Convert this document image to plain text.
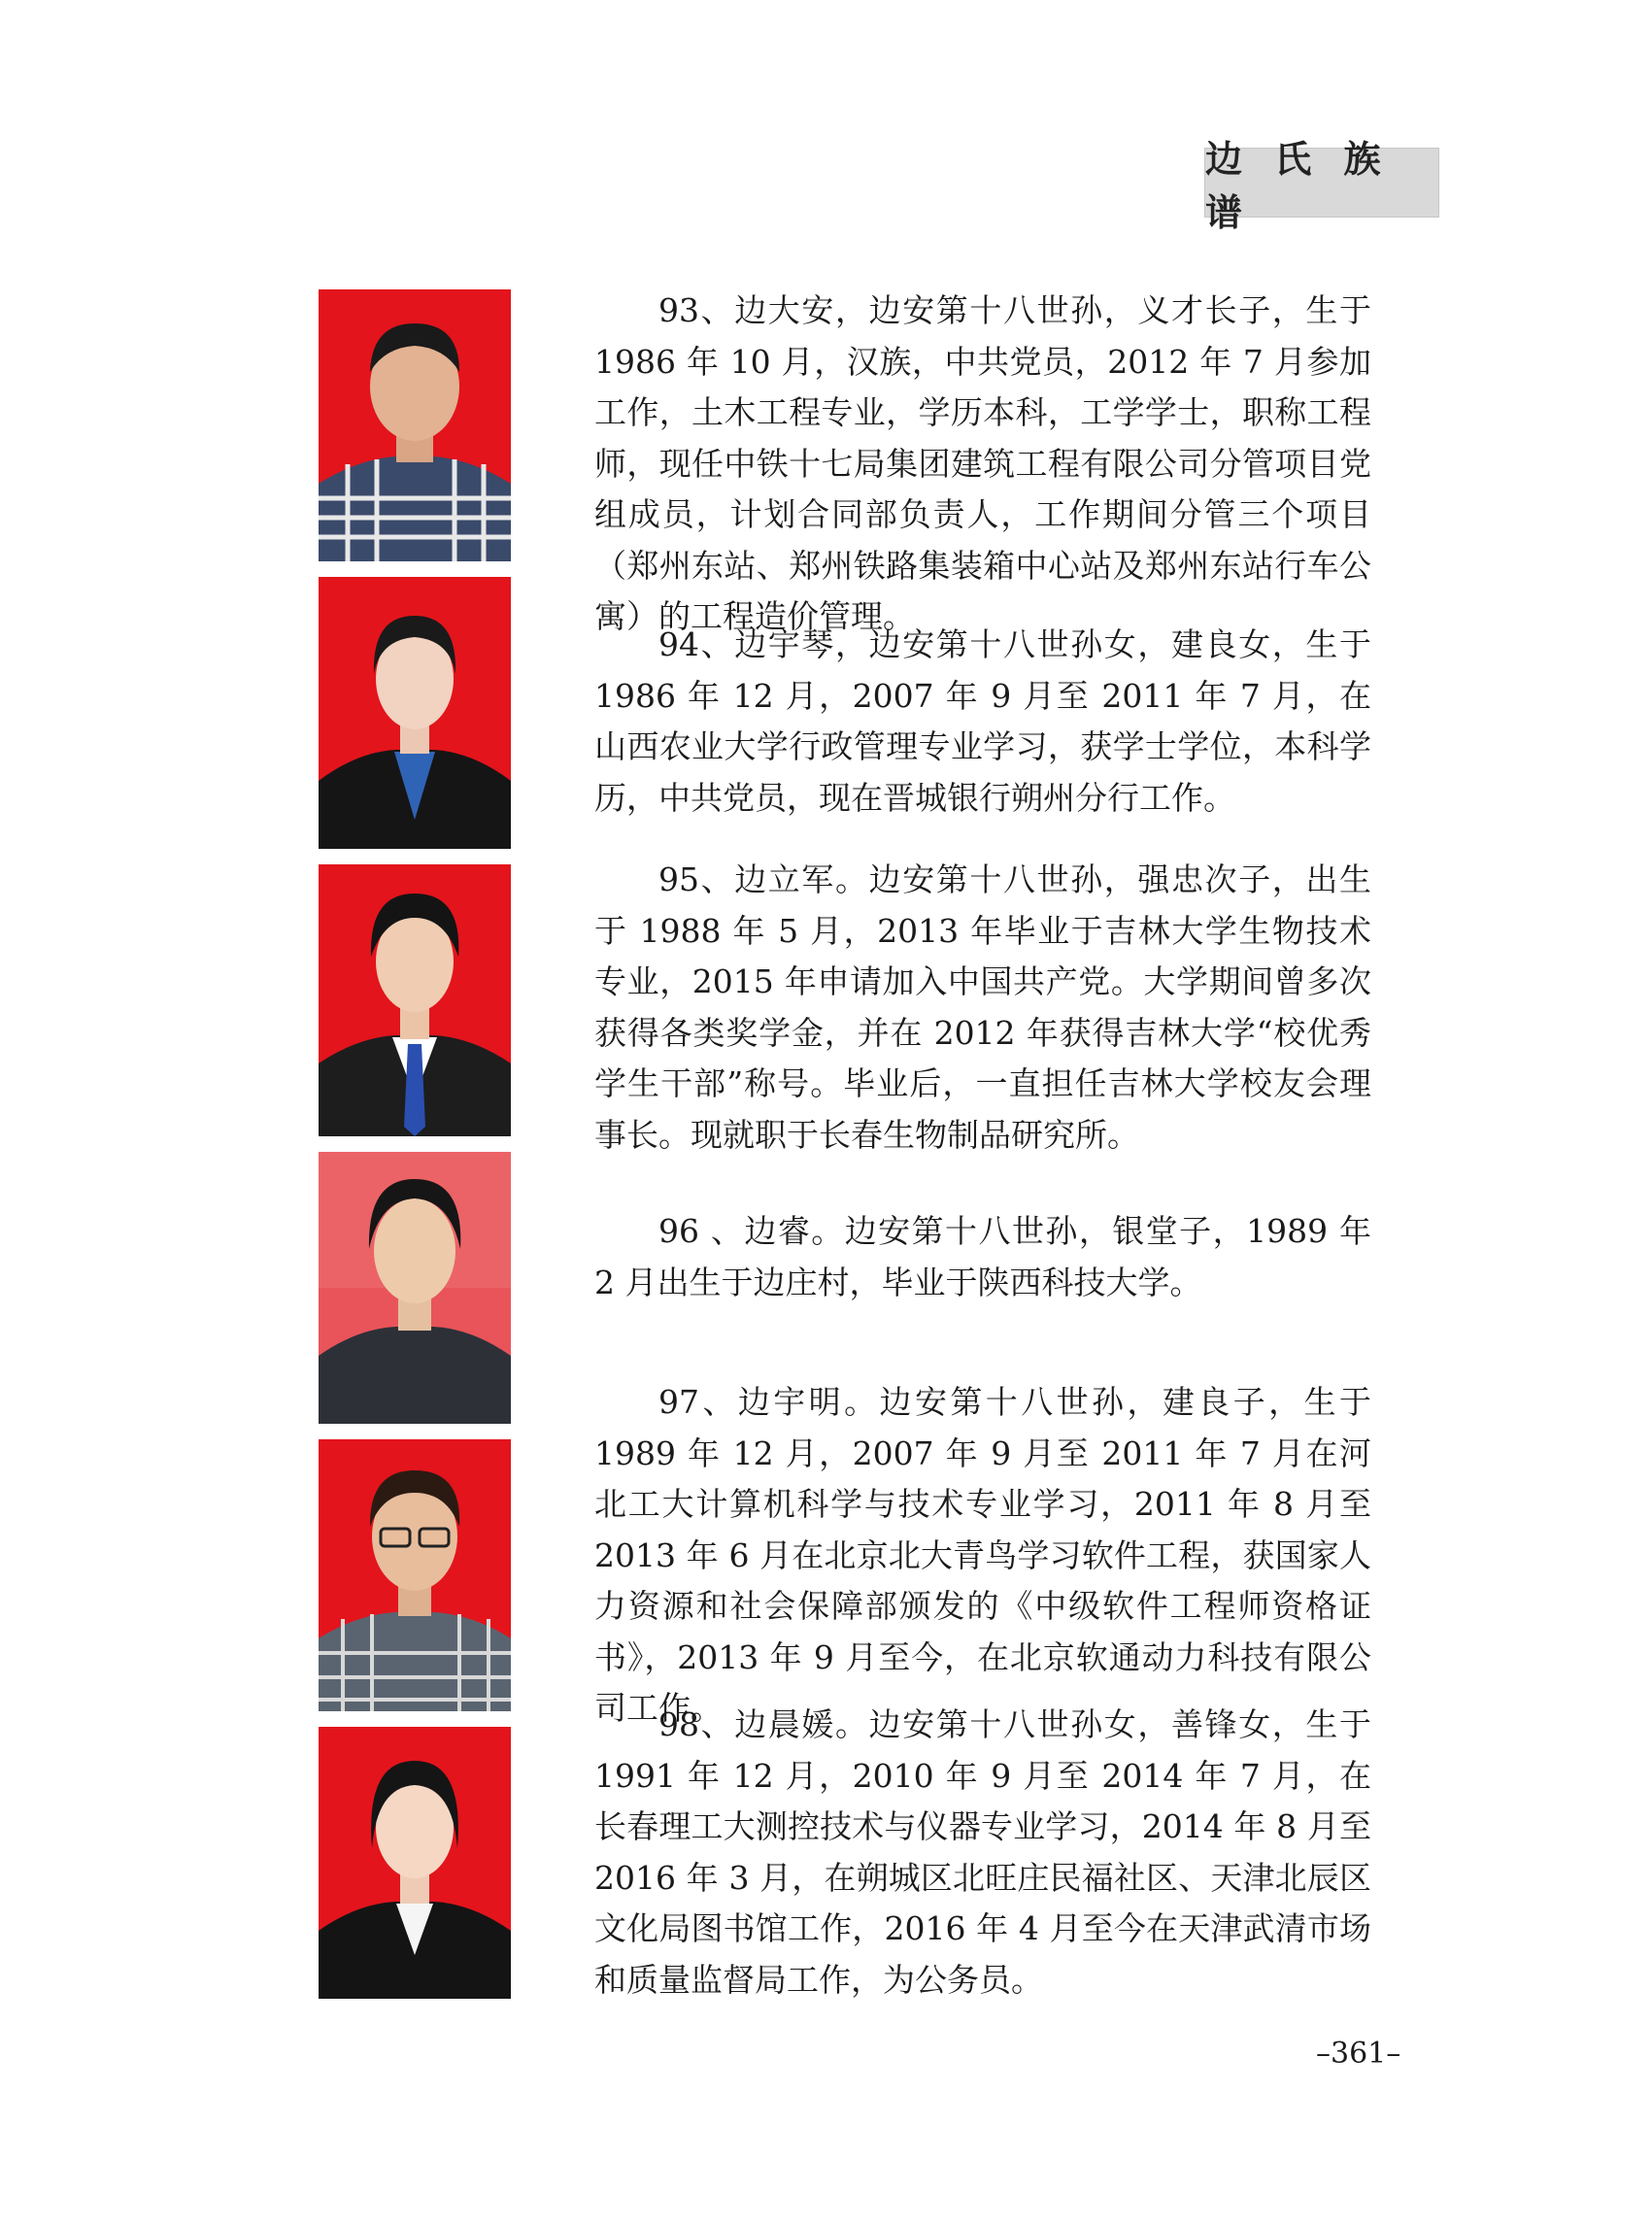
边 氏 族 谱

93、边大安，边安第十八世孙，义才长子，生于 1986 年 10 月，汉族，中共党员，2012 年 7 月参加工作，土木工程专业，学历本科，工学学士，职称工程师，现任中铁十七局集团建筑工程有限公司分管项目党组成员，计划合同部负责人，工作期间分管三个项目（郑州东站、郑州铁路集装箱中心站及郑州东站行车公寓）的工程造价管理。

94、边宇琴，边安第十八世孙女，建良女，生于 1986 年 12 月，2007 年 9 月至 2011 年 7 月，在山西农业大学行政管理专业学习，获学士学位，本科学历，中共党员，现在晋城银行朔州分行工作。

95、边立军。边安第十八世孙，强忠次子，出生于 1988 年 5 月，2013 年毕业于吉林大学生物技术专业，2015 年申请加入中国共产党。大学期间曾多次获得各类奖学金，并在 2012 年获得吉林大学“校优秀学生干部”称号。毕业后，一直担任吉林大学校友会理事长。现就职于长春生物制品研究所。

96 、边睿。边安第十八世孙，银堂子，1989 年 2 月出生于边庄村，毕业于陕西科技大学。

97、边宇明。边安第十八世孙，建良子，生于 1989 年 12 月，2007 年 9 月至 2011 年 7 月在河北工大计算机科学与技术专业学习，2011 年 8 月至 2013 年 6 月在北京北大青鸟学习软件工程，获国家人力资源和社会保障部颁发的《中级软件工程师资格证书》，2013 年 9 月至今，在北京软通动力科技有限公司工作。

98、边晨媛。边安第十八世孙女，善锋女，生于 1991 年 12 月，2010 年 9 月至 2014 年 7 月，在长春理工大测控技术与仪器专业学习，2014 年 8 月至 2016 年 3 月，在朔城区北旺庄民福社区、天津北辰区文化局图书馆工作，2016 年 4 月至今在天津武清市场和质量监督局工作，为公务员。

–361–
